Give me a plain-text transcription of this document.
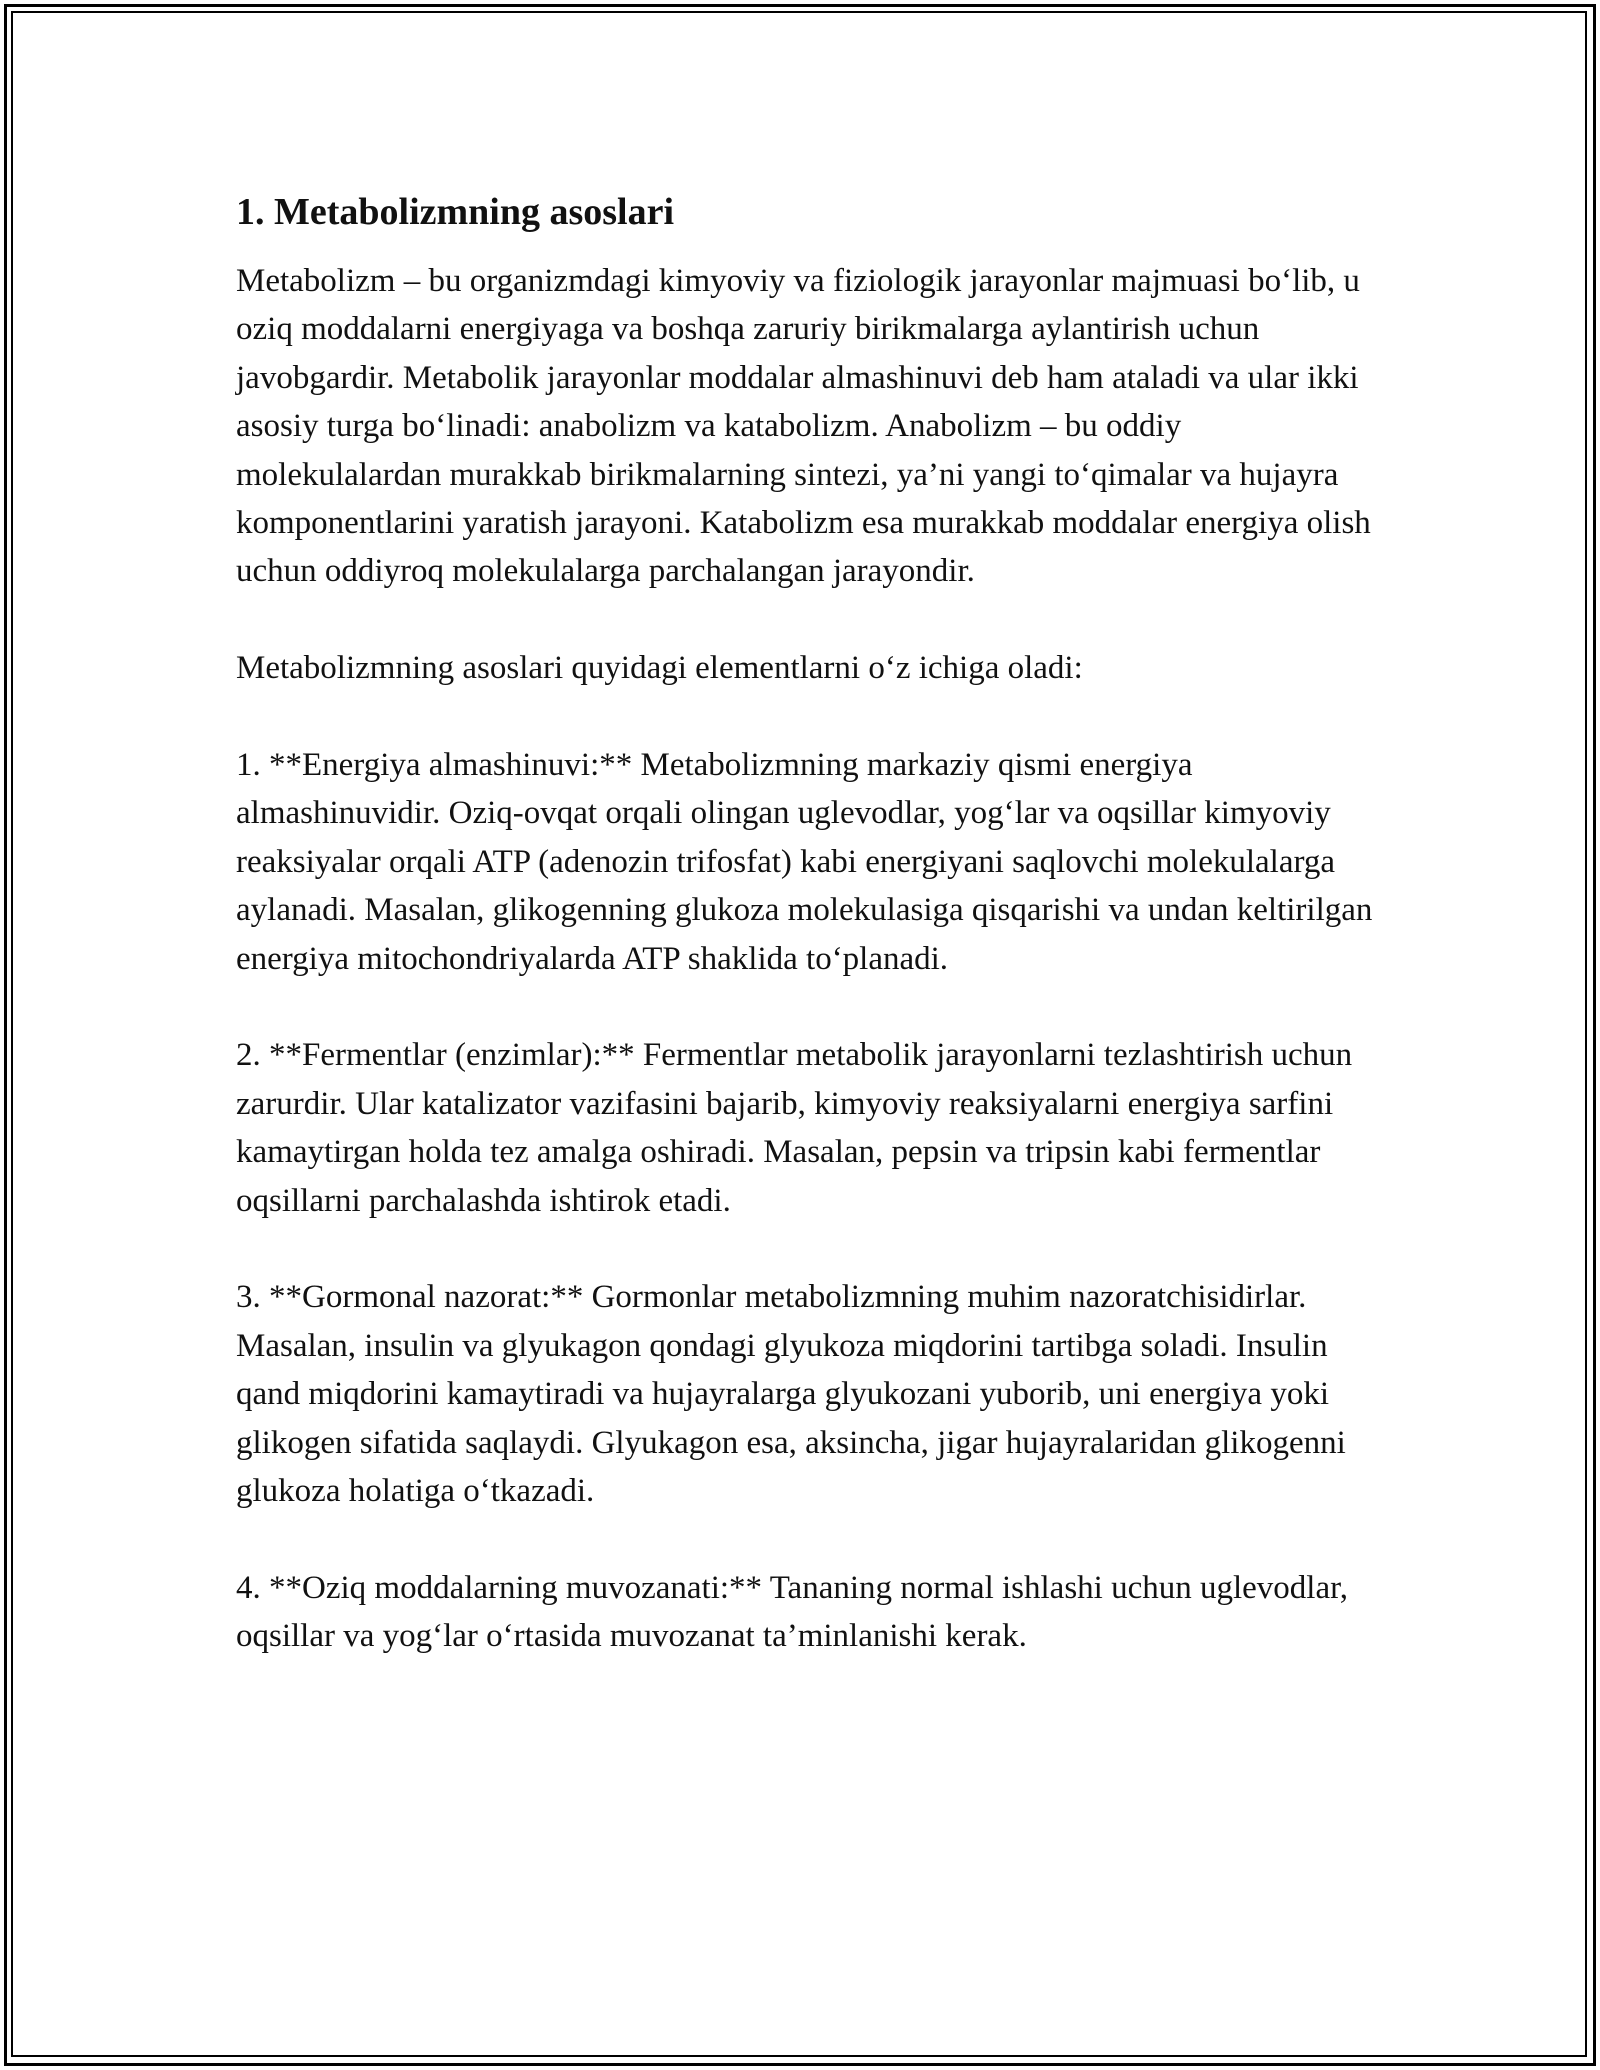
1. Metabolizmning asoslari

Metabolizm – bu organizmdagi kimyoviy va fiziologik jarayonlar majmuasi bo‘lib, u oziq moddalarni energiyaga va boshqa zaruriy birikmalarga aylantirish uchun javobgardir. Metabolik jarayonlar moddalar almashinuvi deb ham ataladi va ular ikki asosiy turga bo‘linadi: anabolizm va katabolizm. Anabolizm – bu oddiy molekulalardan murakkab birikmalarning sintezi, ya’ni yangi to‘qimalar va hujayra komponentlarini yaratish jarayoni. Katabolizm esa murakkab moddalar energiya olish uchun oddiyroq molekulalarga parchalangan jarayondir.

Metabolizmning asoslari quyidagi elementlarni o‘z ichiga oladi:

1. **Energiya almashinuvi:** Metabolizmning markaziy qismi energiya almashinuvidir. Oziq-ovqat orqali olingan uglevodlar, yog‘lar va oqsillar kimyoviy reaksiyalar orqali ATP (adenozin trifosfat) kabi energiyani saqlovchi molekulalarga aylanadi. Masalan, glikogenning glukoza molekulasiga qisqarishi va undan keltirilgan energiya mitochondriyalarda ATP shaklida to‘planadi.

2. **Fermentlar (enzimlar):** Fermentlar metabolik jarayonlarni tezlashtirish uchun zarurdir. Ular katalizator vazifasini bajarib, kimyoviy reaksiyalarni energiya sarfini kamaytirgan holda tez amalga oshiradi. Masalan, pepsin va tripsin kabi fermentlar oqsillarni parchalashda ishtirok etadi.

3. **Gormonal nazorat:** Gormonlar metabolizmning muhim nazoratchisidirlar. Masalan, insulin va glyukagon qondagi glyukoza miqdorini tartibga soladi. Insulin qand miqdorini kamaytiradi va hujayralarga glyukozani yuborib, uni energiya yoki glikogen sifatida saqlaydi. Glyukagon esa, aksincha, jigar hujayralaridan glikogenni glukoza holatiga o‘tkazadi.

4. **Oziq moddalarning muvozanati:** Tananing normal ishlashi uchun uglevodlar, oqsillar va yog‘lar o‘rtasida muvozanat ta’minlanishi kerak.
